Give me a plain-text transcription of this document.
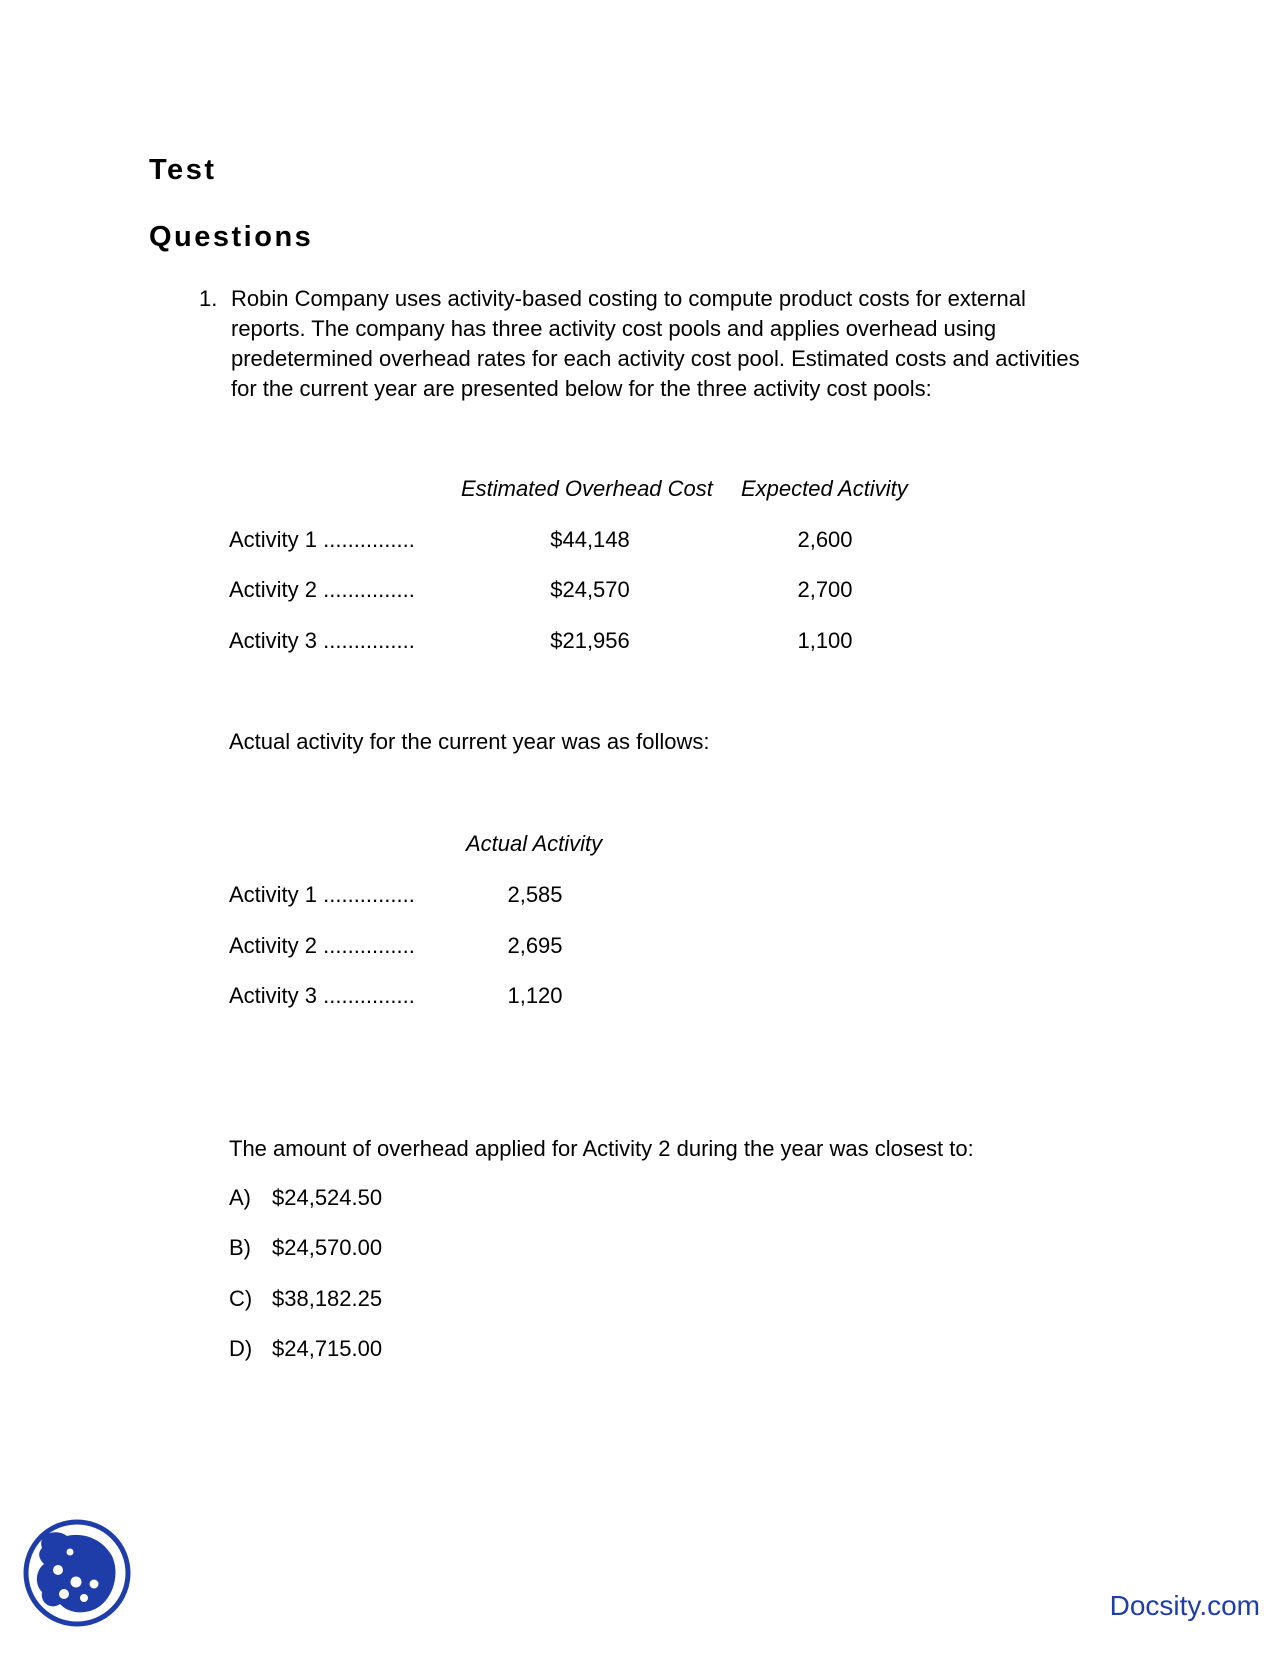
Test
Questions
1. Robin Company uses activity-based costing to compute product costs for external
reports. The company has three activity cost pools and applies overhead using
predetermined overhead rates for each activity cost pool. Estimated costs and activities
for the current year are presented below for the three activity cost pools:
Estimated Overhead Cost Expected Activity
Activity 1 ...............	$44,148	2,600
Activity 2 ...............	$24,570	2,700
Activity 3 ...............	$21,956	1,100
Actual activity for the current year was as follows:
Actual Activity
Activity 1 ...............	2,585
Activity 2 ...............	2,695
Activity 3 ...............	1,120
The amount of overhead applied for Activity 2 during the year was closest to:
A) $24,524.50
B) $24,570.00
C) $38,182.25
D) $24,715.00
Docsity.com
